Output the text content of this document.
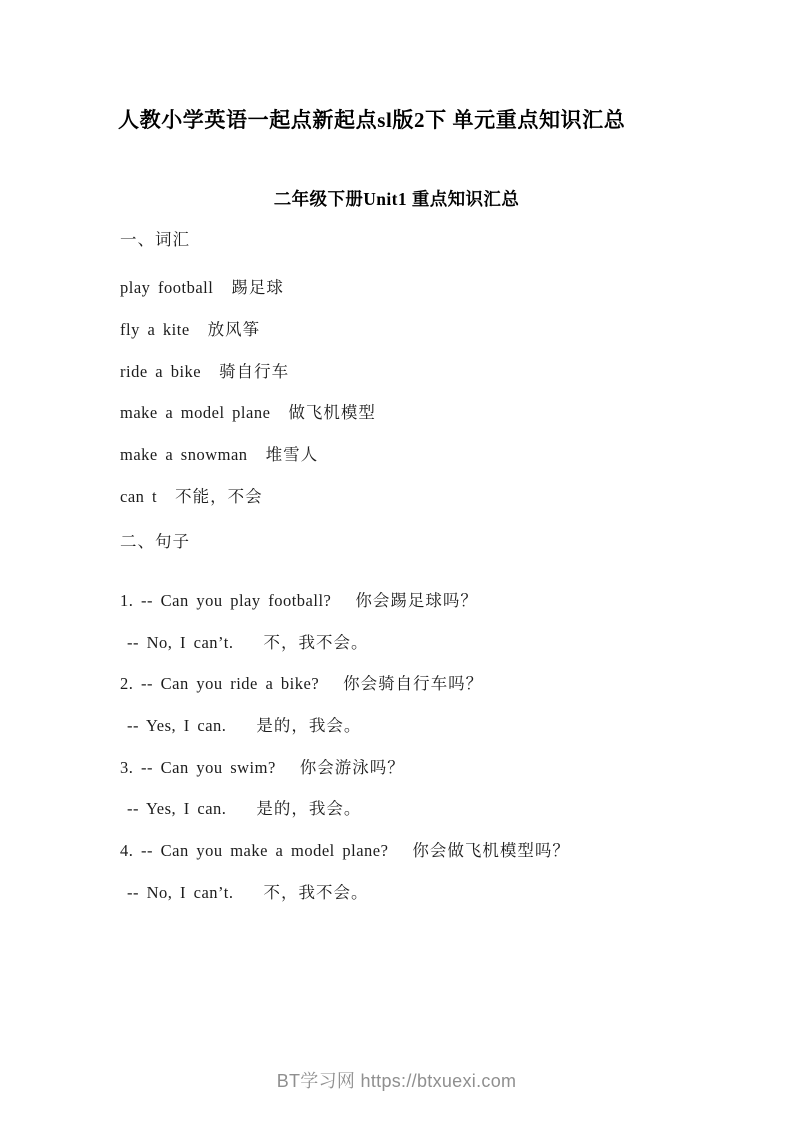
人教小学英语一起点新起点sl版2下 单元重点知识汇总
二年级下册Unit1 重点知识汇总
一、词汇

play football 踢足球

fly a kite 放风筝

ride a bike 骑自行车

make a model plane 做飞机模型

make a snowman 堆雪人

can t 不能，不会

二、句子

1. -- Can you play football? 你会踢足球吗？

-- No, I can’t. 不，我不会。

2. -- Can you ride a bike? 你会骑自行车吗？

-- Yes, I can. 是的，我会。

3. -- Can you swim? 你会游泳吗？

-- Yes, I can. 是的，我会。

4. -- Can you make a model plane? 你会做飞机模型吗？

-- No, I can’t. 不，我不会。

BT学习网 https://btxuexi.com
